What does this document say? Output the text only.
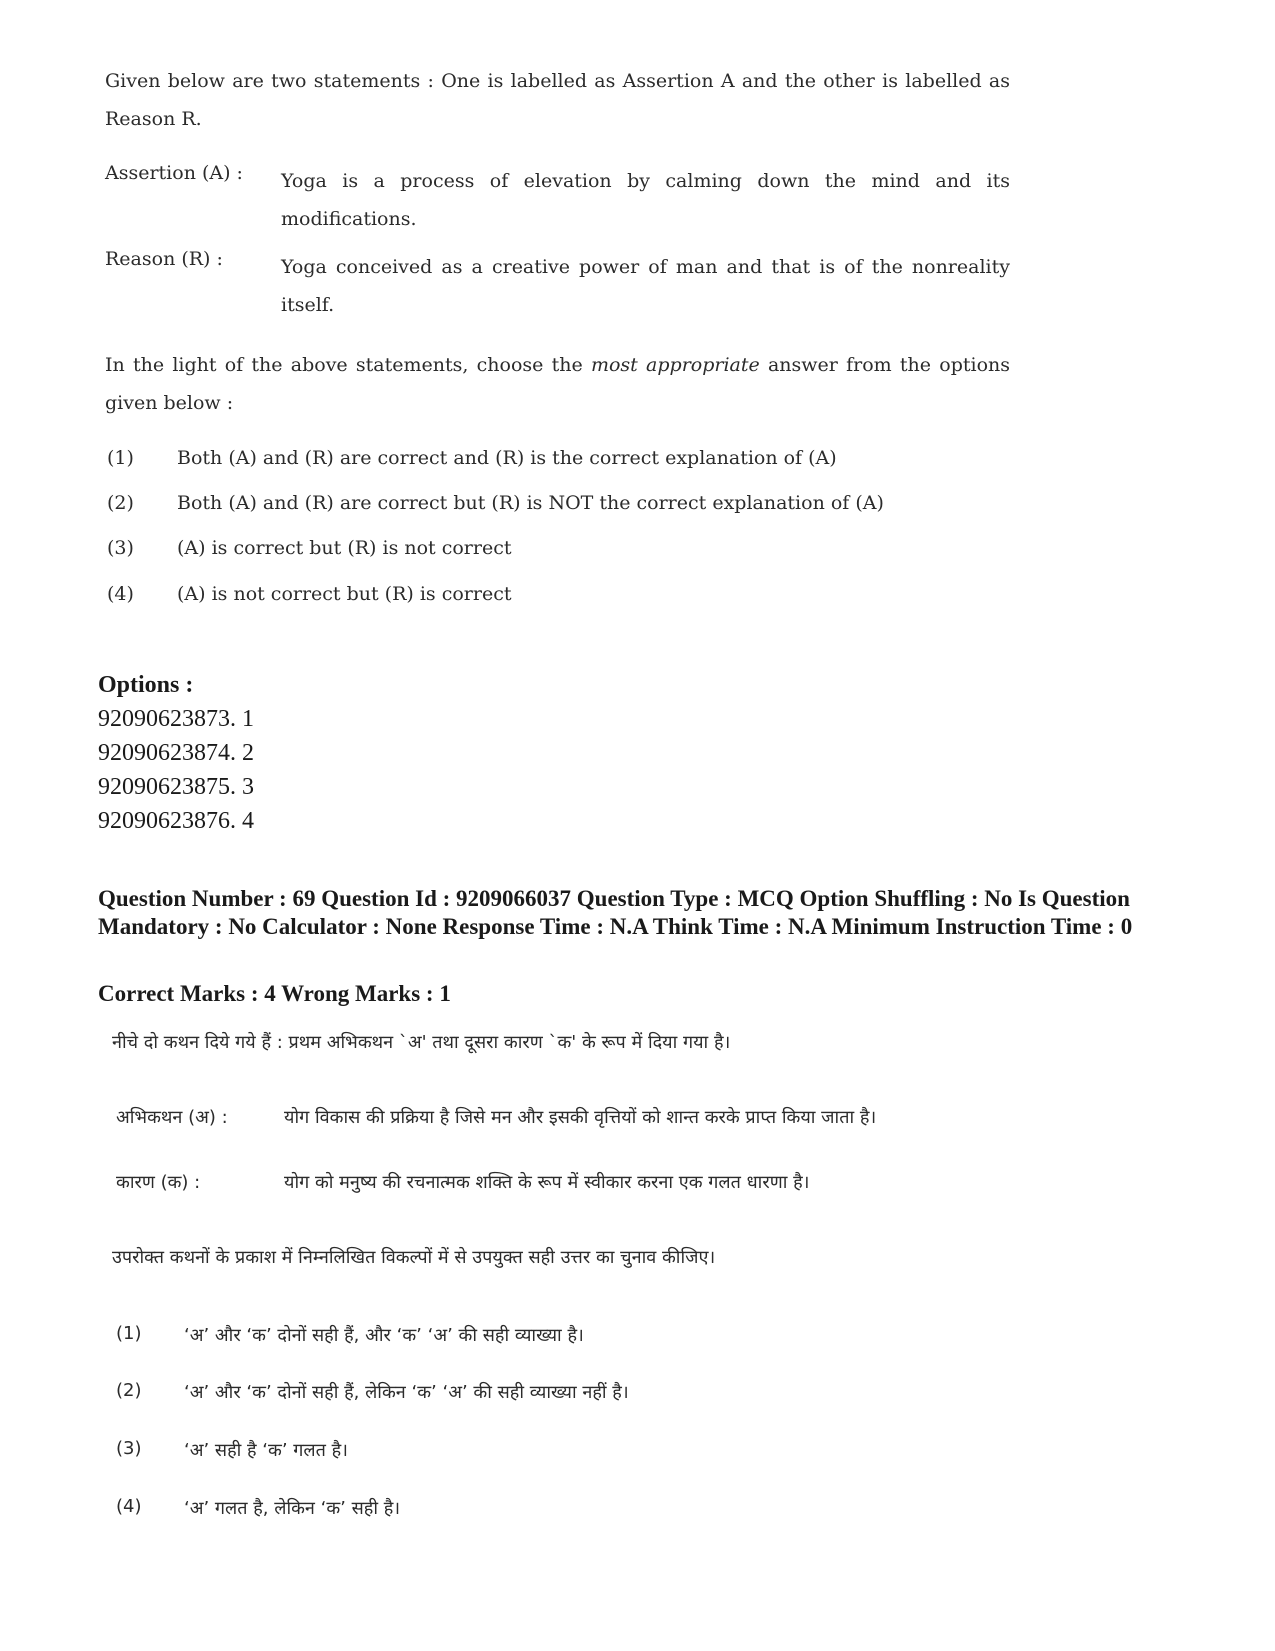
Given below are two statements : One is labelled as Assertion A and the other is labelled as Reason R.

Assertion (A) : Yoga is a process of elevation by calming down the mind and its modifications.
Reason (R) :	Yoga conceived as a creative power of man and that is of the nonreality itself.

In the light of the above statements, choose the most appropriate answer from the options given below :

(1) Both (A) and (R) are correct and (R) is the correct explanation of (A)
(2) Both (A) and (R) are correct but (R) is NOT the correct explanation of (A)
(3) (A) is correct but (R) is not correct
(4) (A) is not correct but (R) is correct
Options :
92090623873. 1
92090623874. 2
92090623875. 3
92090623876. 4
Question Number : 69 Question Id : 9209066037 Question Type : MCQ Option Shuffling : No Is Question Mandatory : No Calculator : None Response Time : N.A Think Time : N.A Minimum Instruction Time : 0
Correct Marks : 4 Wrong Marks : 1
नीचे दो कथन दिये गये हैं : प्रथम अभिकथन `अ' तथा दूसरा कारण `क' के रूप में दिया गया है।
अभिकथन (अ) :	योग विकास की प्रक्रिया है जिसे मन और इसकी वृत्तियों को शान्त करके प्राप्त किया जाता है।
कारण (क) :	योग को मनुष्य की रचनात्मक शक्ति के रूप में स्वीकार करना एक गलत धारणा है।
उपरोक्त कथनों के प्रकाश में निम्नलिखित विकल्पों में से उपयुक्त सही उत्तर का चुनाव कीजिए।
(1) ‘अ’ और ‘क’ दोनों सही हैं, और ‘क’ ‘अ’ की सही व्याख्या है।
(2) ‘अ’ और ‘क’ दोनों सही हैं, लेकिन ‘क’ ‘अ’ की सही व्याख्या नहीं है।
(3) ‘अ’ सही है ‘क’ गलत है।
(4) ‘अ’ गलत है, लेकिन ‘क’ सही है।
